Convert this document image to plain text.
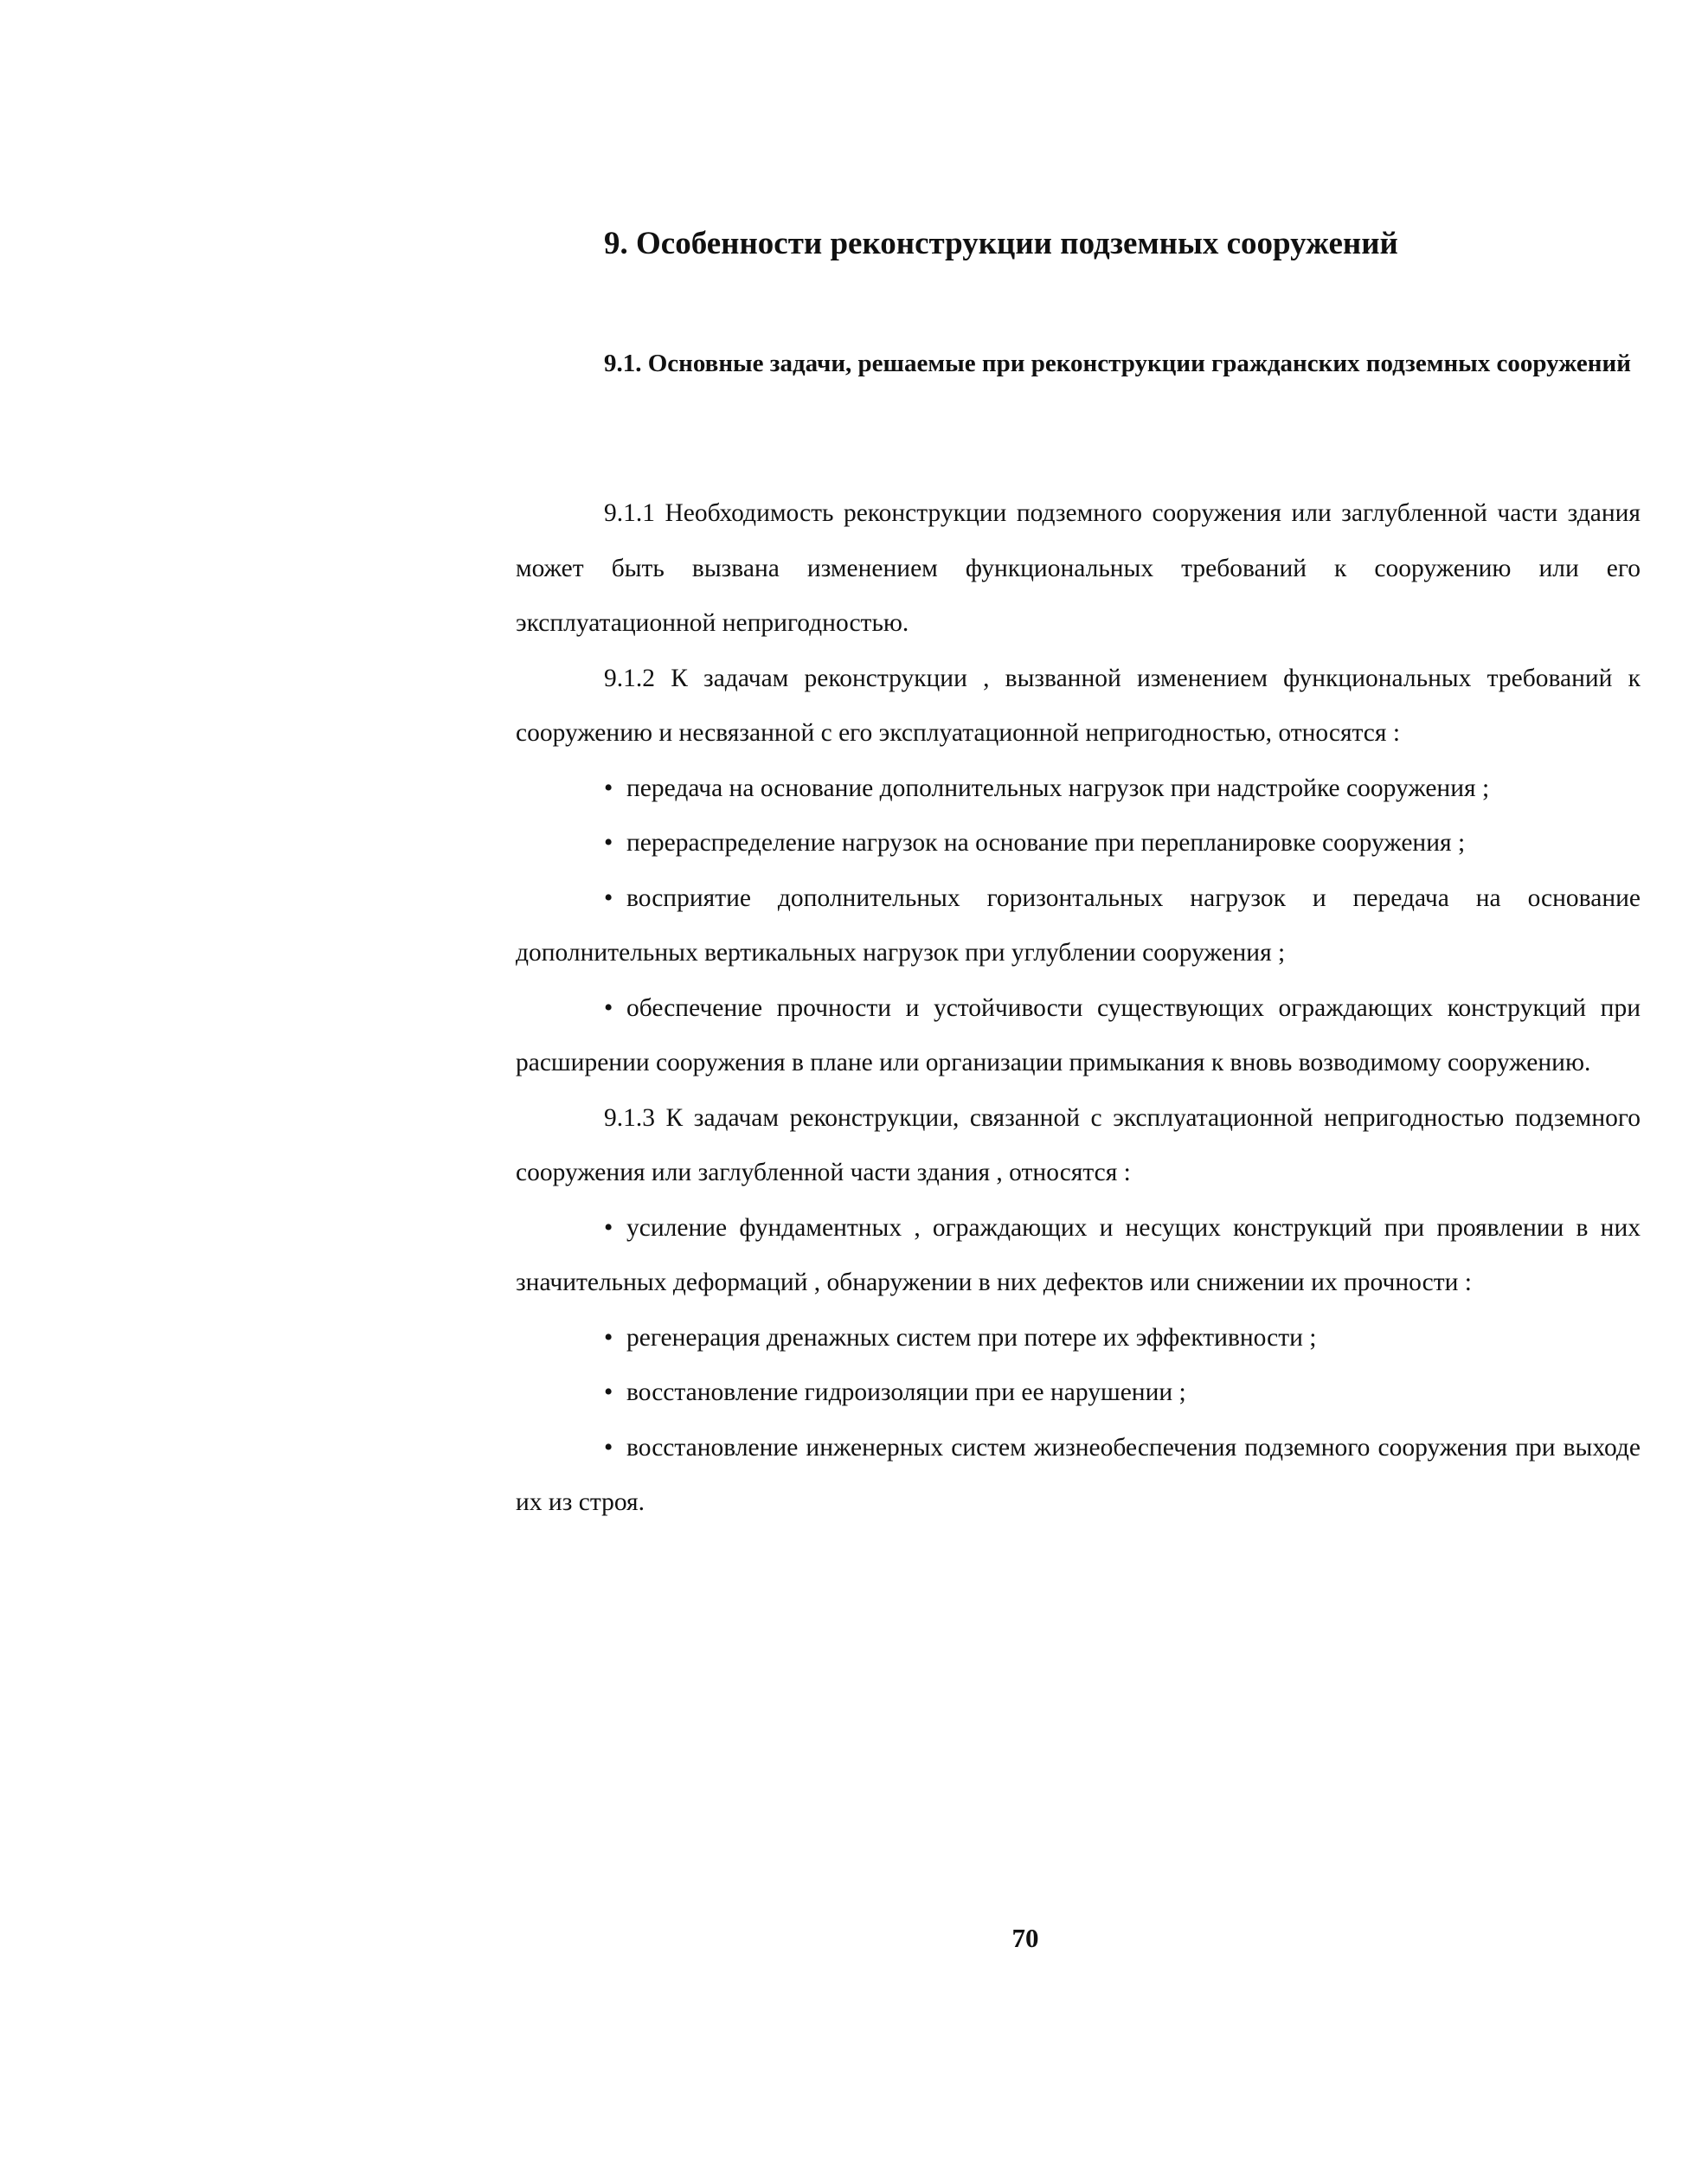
9. Особенности реконструкции подземных сооружений
9.1. Основные задачи, решаемые при реконструкции гражданских подземных сооружений

9.1.1 Необходимость реконструкции подземного сооружения или заглубленной части здания может быть вызвана изменением функциональных требований к сооружению или его эксплуатационной непригодностью.

9.1.2 К задачам реконструкции , вызванной изменением функциональных требований к сооружению и несвязанной с его эксплуатационной непригодностью, относятся :

• передача на основание дополнительных нагрузок при надстройке сооружения ;

• перераспределение нагрузок на основание при перепланировке сооружения ;

• восприятие дополнительных горизонтальных нагрузок и передача на основание дополнительных вертикальных нагрузок при углублении сооружения ;

• обеспечение прочности и устойчивости существующих ограждающих конструкций при расширении сооружения в плане или организации примыкания к вновь возводимому сооружению.

9.1.3 К задачам реконструкции, связанной с эксплуатационной непригодностью подземного сооружения или заглубленной части здания , относятся :

• усиление фундаментных , ограждающих и несущих конструкций при проявлении в них значительных деформаций , обнаружении в них дефектов или снижении их прочности :

• регенерация дренажных систем при потере их эффективности ;

• восстановление гидроизоляции при ее нарушении ;

• восстановление инженерных систем жизнеобеспечения подземного сооружения при выходе их из строя.

70
